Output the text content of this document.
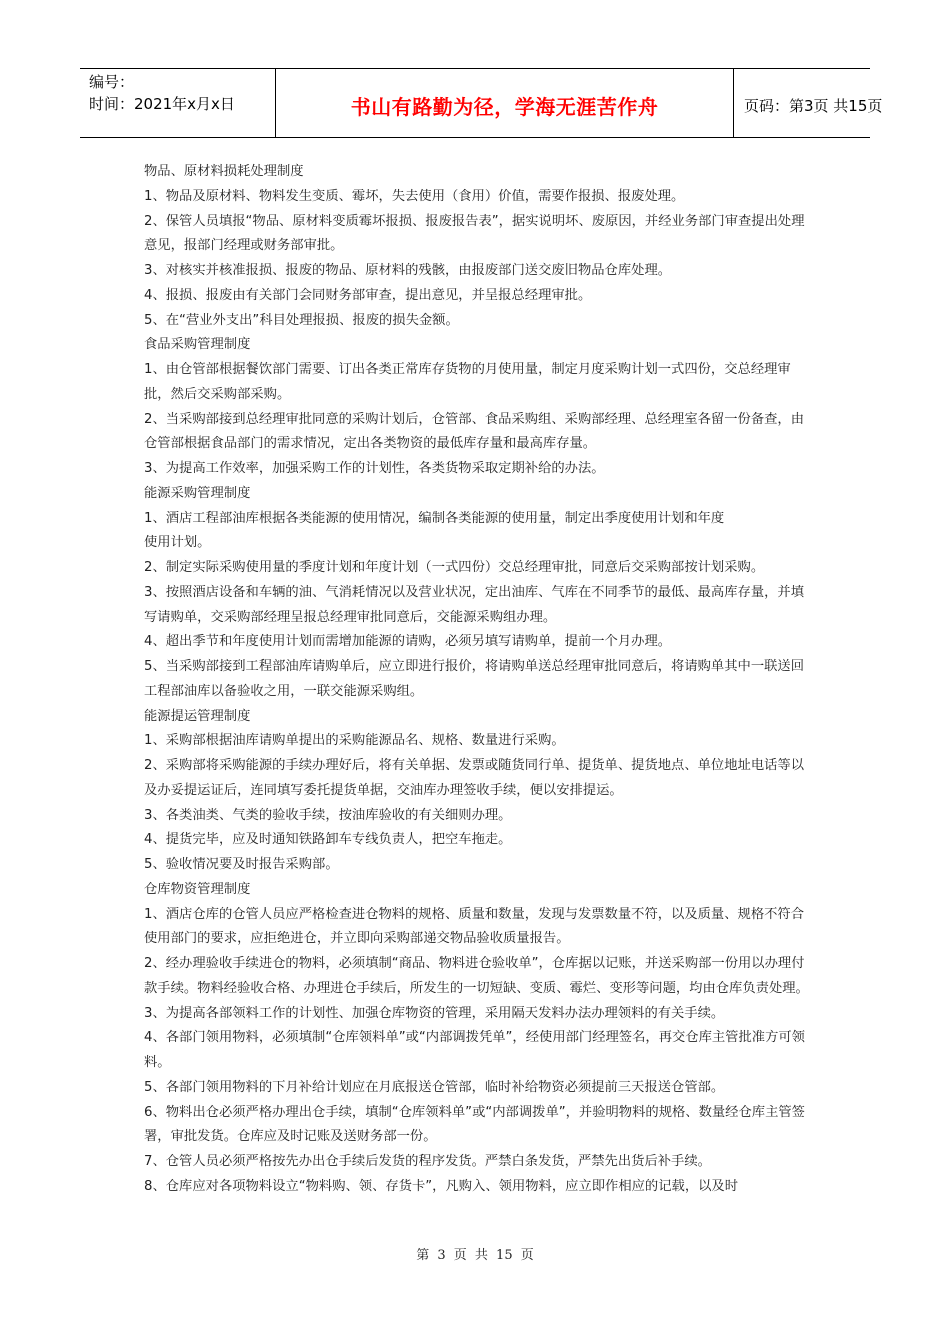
编号：
时间：2021年x月x日	书山有路勤为径，学海无涯苦作舟	页码：第3页 共15页

物品、原材料损耗处理制度

1、物品及原材料、物料发生变质、霉坏，失去使用（食用）价值，需要作报损、报废处理。

2、保管人员填报“物品、原材料变质霉坏报损、报废报告表”，据实说明坏、废原因，并经业务部门审查提出处理意见，报部门经理或财务部审批。

3、对核实并核准报损、报废的物品、原材料的残骸，由报废部门送交废旧物品仓库处理。

4、报损、报废由有关部门会同财务部审查，提出意见，并呈报总经理审批。

5、在“营业外支出”科目处理报损、报废的损失金额。

食品采购管理制度

1、由仓管部根据餐饮部门需要、订出各类正常库存货物的月使用量，制定月度采购计划一式四份，交总经理审批，然后交采购部采购。

2、当采购部接到总经理审批同意的采购计划后，仓管部、食品采购组、采购部经理、总经理室各留一份备查，由仓管部根据食品部门的需求情况，定出各类物资的最低库存量和最高库存量。

3、为提高工作效率，加强采购工作的计划性，各类货物采取定期补给的办法。

能源采购管理制度

1、酒店工程部油库根据各类能源的使用情况，编制各类能源的使用量，制定出季度使用计划和年度

使用计划。

2、制定实际采购使用量的季度计划和年度计划（一式四份）交总经理审批，同意后交采购部按计划采购。

3、按照酒店设备和车辆的油、气消耗情况以及营业状况，定出油库、气库在不同季节的最低、最高库存量，并填写请购单，交采购部经理呈报总经理审批同意后，交能源采购组办理。

4、超出季节和年度使用计划而需增加能源的请购，必须另填写请购单，提前一个月办理。

5、当采购部接到工程部油库请购单后，应立即进行报价，将请购单送总经理审批同意后，将请购单其中一联送回工程部油库以备验收之用，一联交能源采购组。

能源提运管理制度

1、采购部根据油库请购单提出的采购能源品名、规格、数量进行采购。

2、采购部将采购能源的手续办理好后，将有关单据、发票或随货同行单、提货单、提货地点、单位地址电话等以及办妥提运证后，连同填写委托提货单据，交油库办理签收手续，便以安排提运。

3、各类油类、气类的验收手续，按油库验收的有关细则办理。

4、提货完毕，应及时通知铁路卸车专线负责人，把空车拖走。

5、验收情况要及时报告采购部。

仓库物资管理制度

1、酒店仓库的仓管人员应严格检查进仓物料的规格、质量和数量，发现与发票数量不符，以及质量、规格不符合使用部门的要求，应拒绝进仓，并立即向采购部递交物品验收质量报告。

2、经办理验收手续进仓的物料，必须填制“商品、物料进仓验收单”，仓库据以记账，并送采购部一份用以办理付款手续。物料经验收合格、办理进仓手续后，所发生的一切短缺、变质、霉烂、变形等问题，均由仓库负责处理。

3、为提高各部领料工作的计划性、加强仓库物资的管理，采用隔天发料办法办理领料的有关手续。

4、各部门领用物料，必须填制“仓库领料单”或“内部调拨凭单”，经使用部门经理签名，再交仓库主管批准方可领料。

5、各部门领用物料的下月补给计划应在月底报送仓管部，临时补给物资必须提前三天报送仓管部。

6、物料出仓必须严格办理出仓手续，填制“仓库领料单”或“内部调拨单”，并验明物料的规格、数量经仓库主管签署，审批发货。仓库应及时记账及送财务部一份。

7、仓管人员必须严格按先办出仓手续后发货的程序发货。严禁白条发货，严禁先出货后补手续。

8、仓库应对各项物料设立“物料购、领、存货卡”，凡购入、领用物料，应立即作相应的记载，以及时

第 3 页 共 15 页
